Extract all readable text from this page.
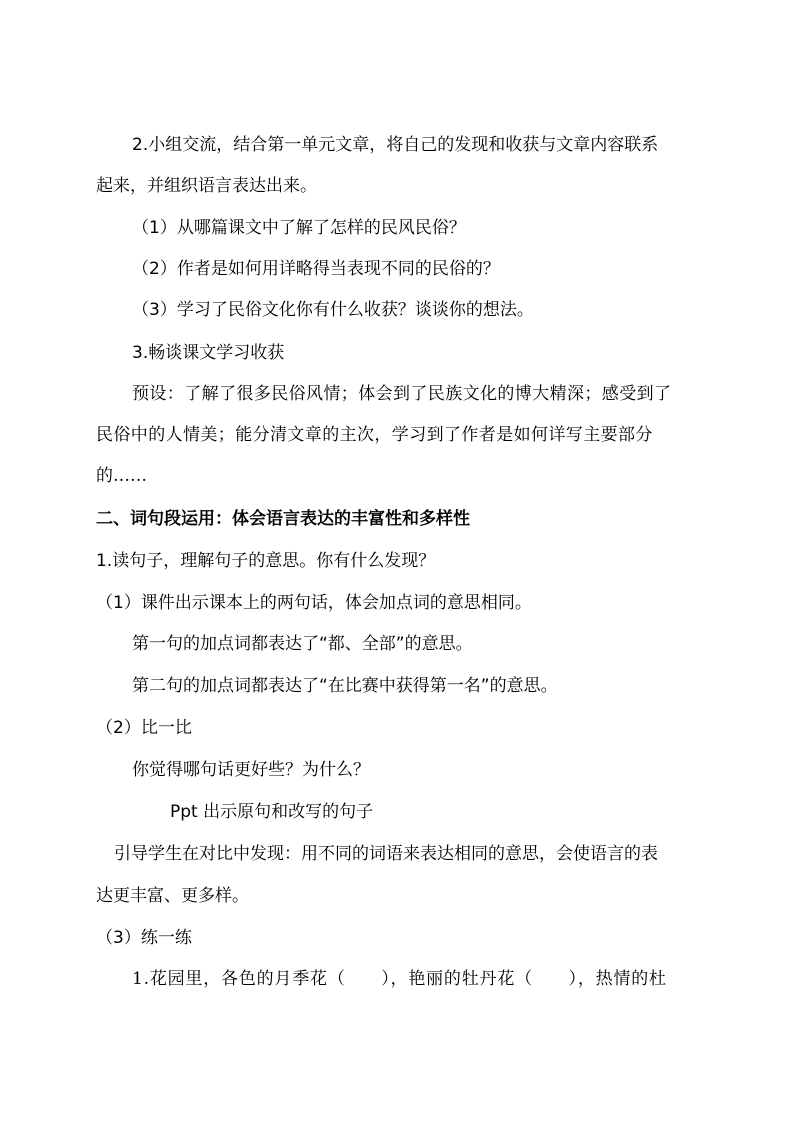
2.小组交流，结合第一单元文章，将自己的发现和收获与文章内容联系
起来，并组织语言表达出来。
（1）从哪篇课文中了解了怎样的民风民俗？
（2）作者是如何用详略得当表现不同的民俗的？
（3）学习了民俗文化你有什么收获？谈谈你的想法。
3.畅谈课文学习收获
预设：了解了很多民俗风情；体会到了民族文化的博大精深；感受到了
民俗中的人情美；能分清文章的主次，学习到了作者是如何详写主要部分
的……
二、词句段运用：体会语言表达的丰富性和多样性
1.读句子，理解句子的意思。你有什么发现？
（1）课件出示课本上的两句话，体会加点词的意思相同。
第一句的加点词都表达了“都、全部”的意思。
第二句的加点词都表达了“在比赛中获得第一名”的意思。
（2）比一比
你觉得哪句话更好些？为什么？
Ppt 出示原句和改写的句子
引导学生在对比中发现：用不同的词语来表达相同的意思，会使语言的表
达更丰富、更多样。
（3）练一练
1.花园里，各色的月季花（　　），艳丽的牡丹花（　　），热情的杜
